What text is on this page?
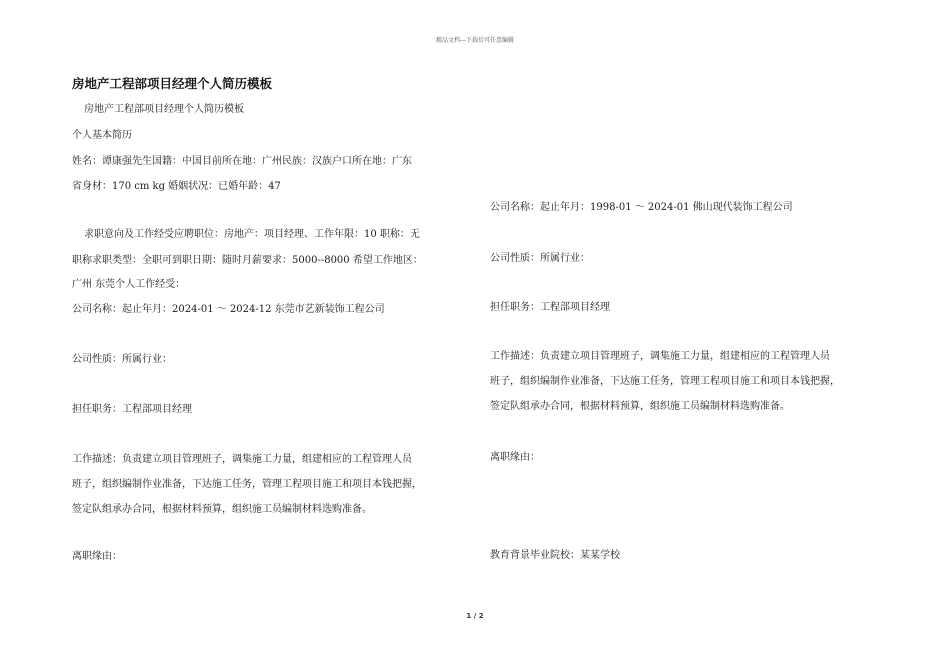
精品文档---下载后可任意编辑
房地产工程部项目经理个人简历模板
房地产工程部项目经理个人简历模板
个人基本简历
姓名：谭康强先生国籍：中国目前所在地：广州民族：汉族户口所在地：广东
省身材：170 cm kg 婚姻状况：已婚年龄：47
求职意向及工作经受应聘职位：房地产：项目经理、工作年限：10 职称：无
职称求职类型：全职可到职日期：随时月薪要求：5000--8000 希望工作地区：
广州 东莞个人工作经受：
公司名称：起止年月：2024-01 ～ 2024-12 东莞市艺新装饰工程公司
公司性质：所属行业：
担任职务：工程部项目经理
工作描述：负责建立项目管理班子，调集施工力量，组建相应的工程管理人员
班子，组织编制作业准备，下达施工任务，管理工程项目施工和项目本钱把握，
签定队组承办合同，根据材料预算，组织施工员编制材料选购准备。
离职缘由：
公司名称：起止年月：1998-01 ～ 2024-01 佛山现代装饰工程公司
公司性质：所属行业：
担任职务：工程部项目经理
工作描述：负责建立项目管理班子，调集施工力量，组建相应的工程管理人员
班子，组织编制作业准备，下达施工任务，管理工程项目施工和项目本钱把握，
签定队组承办合同，根据材料预算，组织施工员编制材料选购准备。
离职缘由：
教育背景毕业院校：某某学校
1 / 2
